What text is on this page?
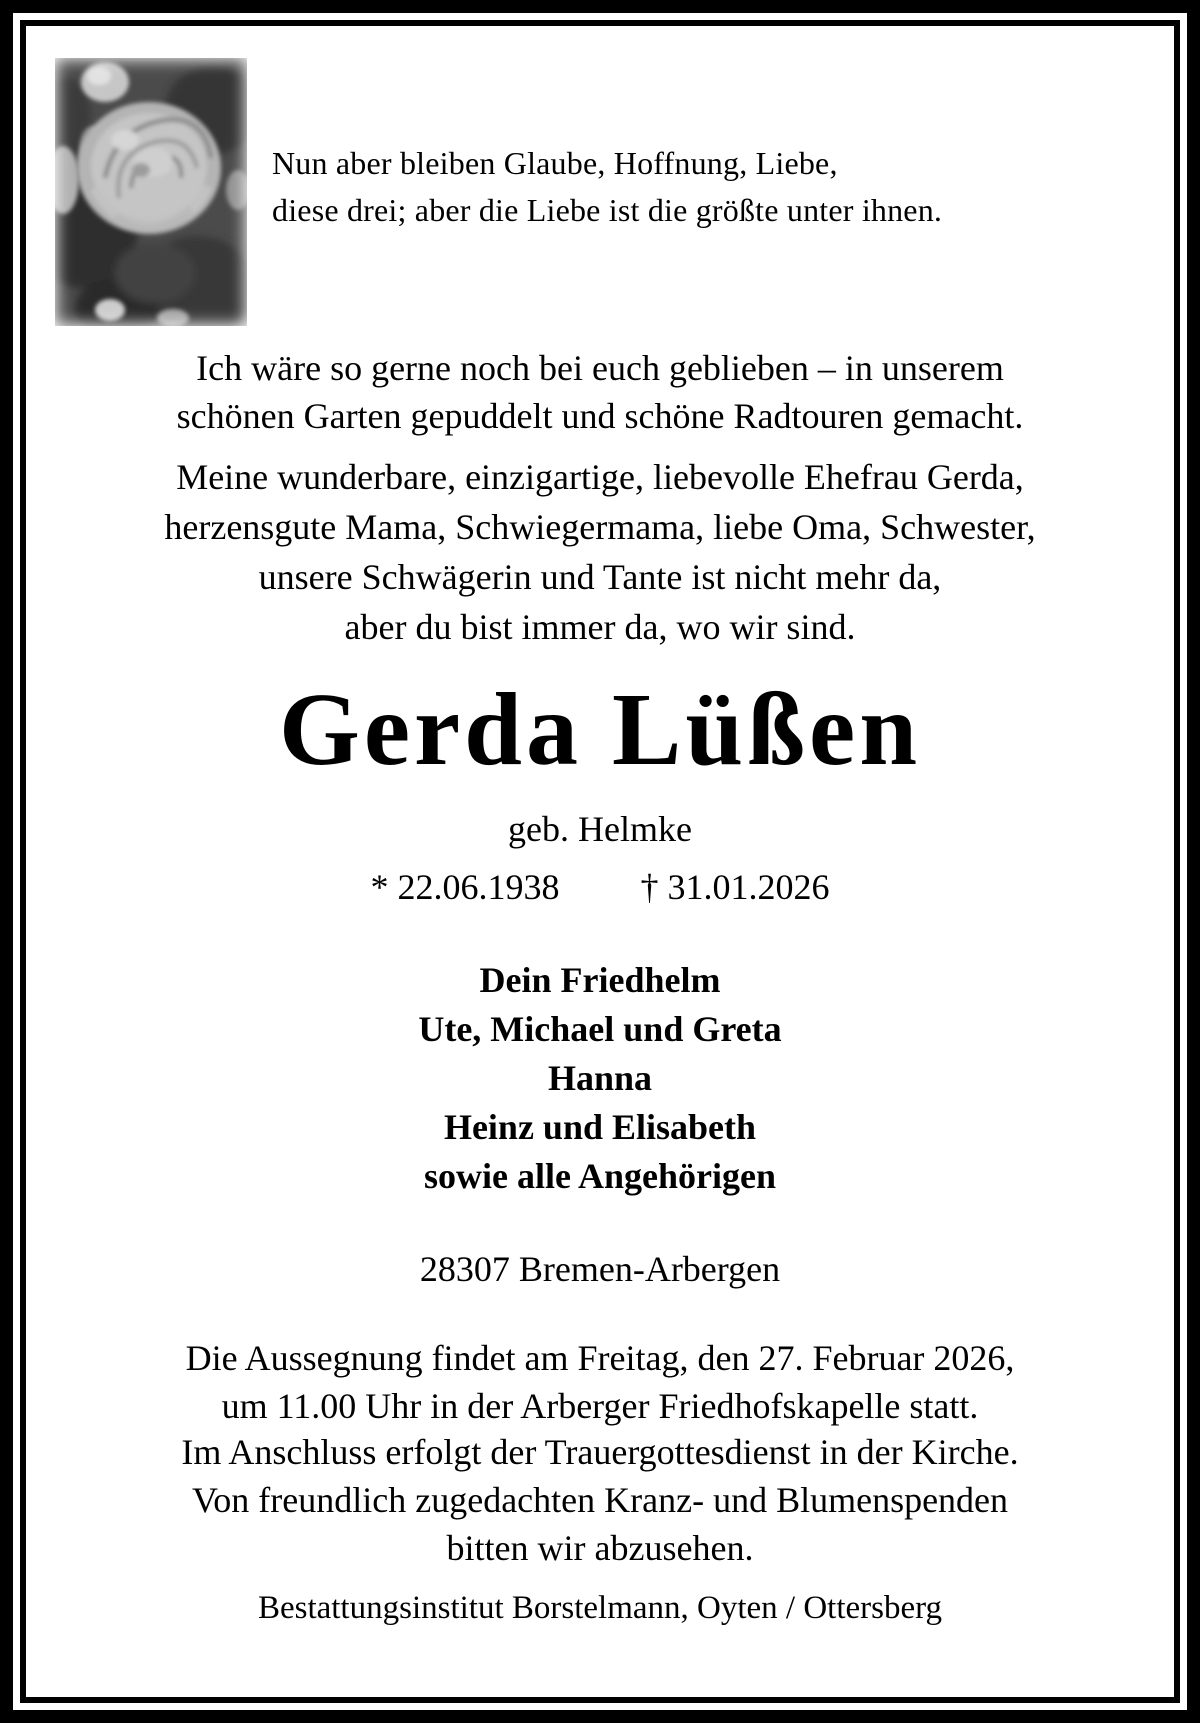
Nun aber bleiben Glaube, Hoffnung, Liebe,
diese drei; aber die Liebe ist die größte unter ihnen.
Ich wäre so gerne noch bei euch geblieben – in unserem
schönen Garten gepuddelt und schöne Radtouren gemacht.
Meine wunderbare, einzigartige, liebevolle Ehefrau Gerda,
herzensgute Mama, Schwiegermama, liebe Oma, Schwester,
unsere Schwägerin und Tante ist nicht mehr da,
aber du bist immer da, wo wir sind.
Gerda Lüßen
geb. Helmke
* 22.06.1938 † 31.01.2026
Dein Friedhelm
Ute, Michael und Greta
Hanna
Heinz und Elisabeth
sowie alle Angehörigen
28307 Bremen-Arbergen
Die Aussegnung findet am Freitag, den 27. Februar 2026,
um 11.00 Uhr in der Arberger Friedhofskapelle statt.
Im Anschluss erfolgt der Trauergottesdienst in der Kirche.
Von freundlich zugedachten Kranz- und Blumenspenden
bitten wir abzusehen.
Bestattungsinstitut Borstelmann, Oyten / Ottersberg
